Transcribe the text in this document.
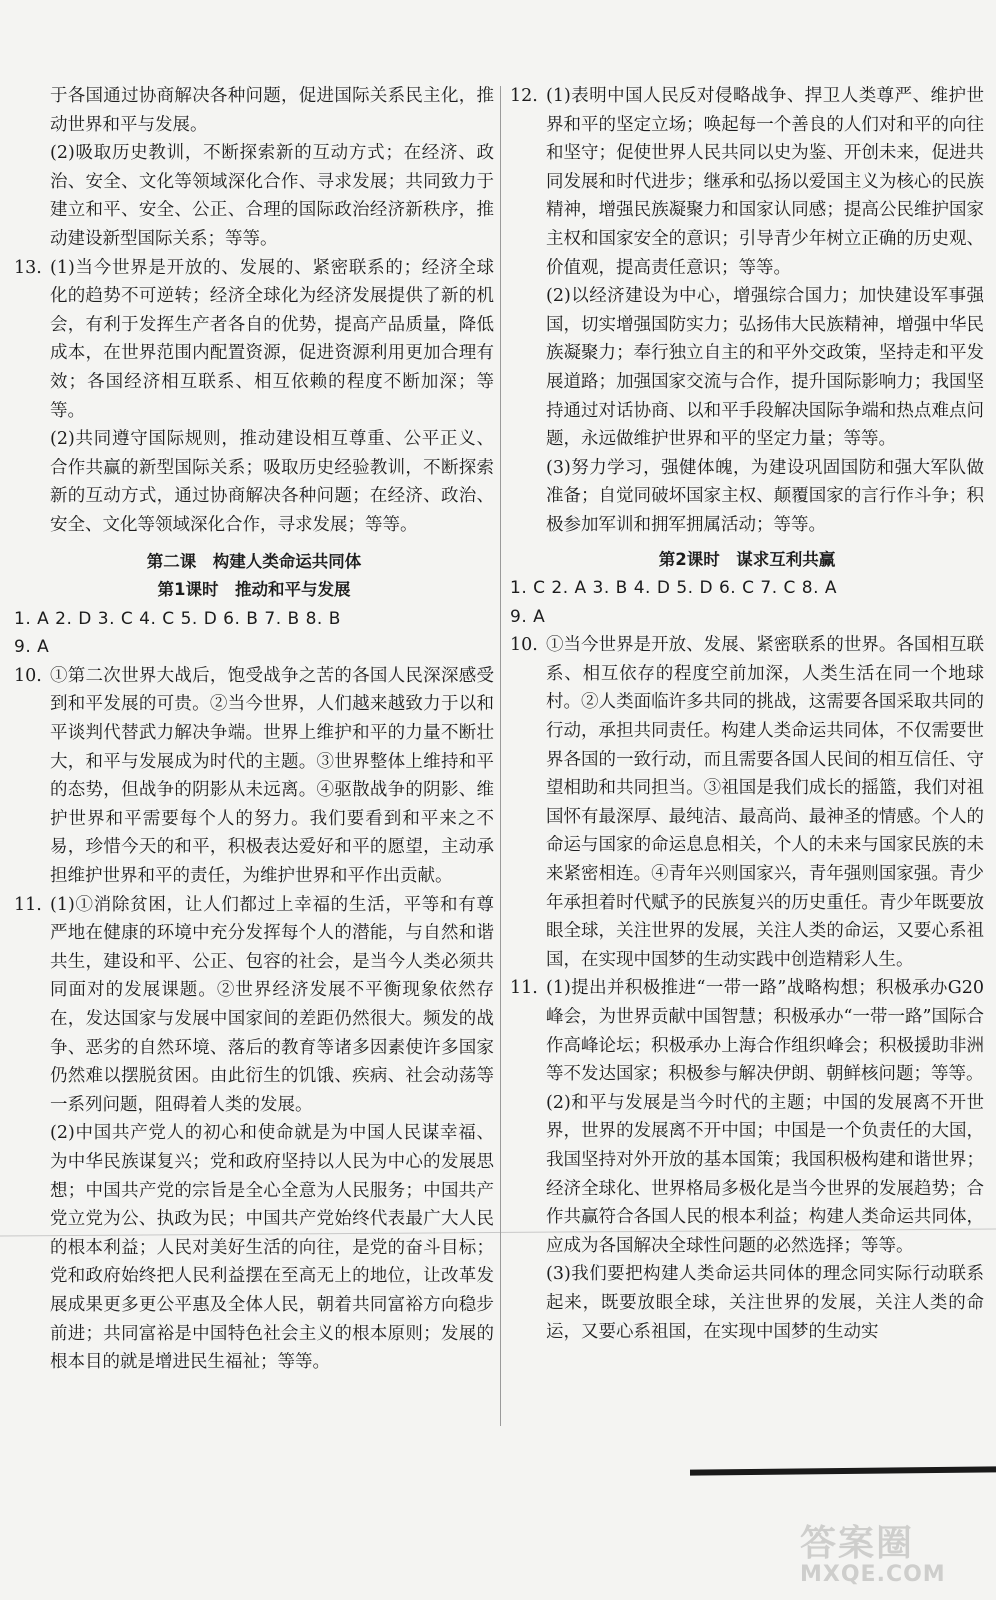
于各国通过协商解决各种问题，促进国际关系民主化，推动世界和平与发展。

(2)吸取历史教训，不断探索新的互动方式；在经济、政治、安全、文化等领域深化合作、寻求发展；共同致力于建立和平、安全、公正、合理的国际政治经济新秩序，推动建设新型国际关系；等等。

13. (1)当今世界是开放的、发展的、紧密联系的；经济全球化的趋势不可逆转；经济全球化为经济发展提供了新的机会，有利于发挥生产者各自的优势，提高产品质量，降低成本，在世界范围内配置资源，促进资源利用更加合理有效；各国经济相互联系、相互依赖的程度不断加深；等等。

(2)共同遵守国际规则，推动建设相互尊重、公平正义、合作共赢的新型国际关系；吸取历史经验教训，不断探索新的互动方式，通过协商解决各种问题；在经济、政治、安全、文化等领域深化合作，寻求发展；等等。

第二课　构建人类命运共同体

第1课时　推动和平与发展

1. A 2. D 3. C 4. C 5. D 6. B 7. B 8. B

9. A

10. ①第二次世界大战后，饱受战争之苦的各国人民深深感受到和平发展的可贵。②当今世界，人们越来越致力于以和平谈判代替武力解决争端。世界上维护和平的力量不断壮大，和平与发展成为时代的主题。③世界整体上维持和平的态势，但战争的阴影从未远离。④驱散战争的阴影、维护世界和平需要每个人的努力。我们要看到和平来之不易，珍惜今天的和平，积极表达爱好和平的愿望，主动承担维护世界和平的责任，为维护世界和平作出贡献。
11. (1)①消除贫困，让人们都过上幸福的生活，平等和有尊严地在健康的环境中充分发挥每个人的潜能，与自然和谐共生，建设和平、公正、包容的社会，是当今人类必须共同面对的发展课题。②世界经济发展不平衡现象依然存在，发达国家与发展中国家间的差距仍然很大。频发的战争、恶劣的自然环境、落后的教育等诸多因素使许多国家仍然难以摆脱贫困。由此衍生的饥饿、疾病、社会动荡等一系列问题，阻碍着人类的发展。

(2)中国共产党人的初心和使命就是为中国人民谋幸福、为中华民族谋复兴；党和政府坚持以人民为中心的发展思想；中国共产党的宗旨是全心全意为人民服务；中国共产党立党为公、执政为民；中国共产党始终代表最广大人民的根本利益；人民对美好生活的向往，是党的奋斗目标；党和政府始终把人民利益摆在至高无上的地位，让改革发展成果更多更公平惠及全体人民，朝着共同富裕方向稳步前进；共同富裕是中国特色社会主义的根本原则；发展的根本目的就是增进民生福祉；等等。

12. (1)表明中国人民反对侵略战争、捍卫人类尊严、维护世界和平的坚定立场；唤起每一个善良的人们对和平的向往和坚守；促使世界人民共同以史为鉴、开创未来，促进共同发展和时代进步；继承和弘扬以爱国主义为核心的民族精神，增强民族凝聚力和国家认同感；提高公民维护国家主权和国家安全的意识；引导青少年树立正确的历史观、价值观，提高责任意识；等等。

(2)以经济建设为中心，增强综合国力；加快建设军事强国，切实增强国防实力；弘扬伟大民族精神，增强中华民族凝聚力；奉行独立自主的和平外交政策，坚持走和平发展道路；加强国家交流与合作，提升国际影响力；我国坚持通过对话协商、以和平手段解决国际争端和热点难点问题，永远做维护世界和平的坚定力量；等等。

(3)努力学习，强健体魄，为建设巩固国防和强大军队做准备；自觉同破坏国家主权、颠覆国家的言行作斗争；积极参加军训和拥军拥属活动；等等。

第2课时　谋求互利共赢

1. C 2. A 3. B 4. D 5. D 6. C 7. C 8. A

9. A

10. ①当今世界是开放、发展、紧密联系的世界。各国相互联系、相互依存的程度空前加深，人类生活在同一个地球村。②人类面临许多共同的挑战，这需要各国采取共同的行动，承担共同责任。构建人类命运共同体，不仅需要世界各国的一致行动，而且需要各国人民间的相互信任、守望相助和共同担当。③祖国是我们成长的摇篮，我们对祖国怀有最深厚、最纯洁、最高尚、最神圣的情感。个人的命运与国家的命运息息相关，个人的未来与国家民族的未来紧密相连。④青年兴则国家兴，青年强则国家强。青少年承担着时代赋予的民族复兴的历史重任。青少年既要放眼全球，关注世界的发展，关注人类的命运，又要心系祖国，在实现中国梦的生动实践中创造精彩人生。
11. (1)提出并积极推进“一带一路”战略构想；积极承办G20峰会，为世界贡献中国智慧；积极承办“一带一路”国际合作高峰论坛；积极承办上海合作组织峰会；积极援助非洲等不发达国家；积极参与解决伊朗、朝鲜核问题；等等。

(2)和平与发展是当今时代的主题；中国的发展离不开世界，世界的发展离不开中国；中国是一个负责任的大国，我国坚持对外开放的基本国策；我国积极构建和谐世界；经济全球化、世界格局多极化是当今世界的发展趋势；合作共赢符合各国人民的根本利益；构建人类命运共同体，应成为各国解决全球性问题的必然选择；等等。

(3)我们要把构建人类命运共同体的理念同实际行动联系起来，既要放眼全球，关注世界的发展，关注人类的命运，又要心系祖国，在实现中国梦的生动实

答案圈
MXQE.COM
